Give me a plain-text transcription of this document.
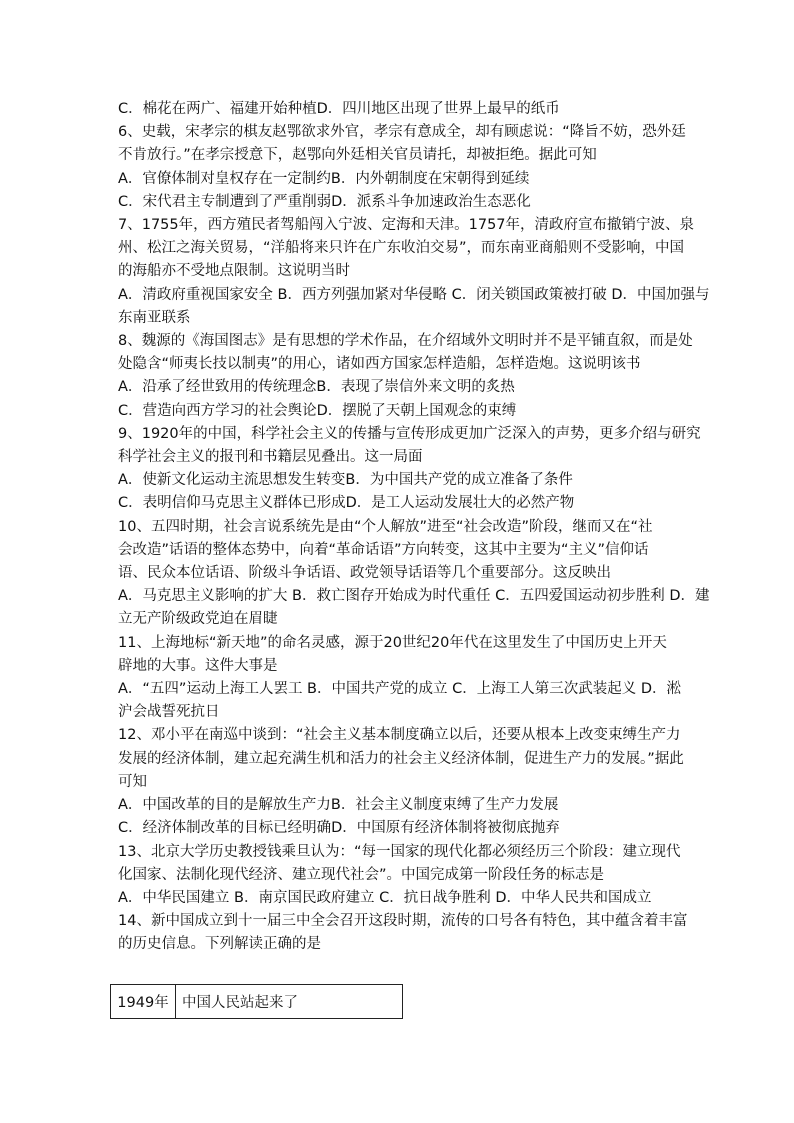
C．棉花在两广、福建开始种植D．四川地区出现了世界上最早的纸币
6、史载，宋孝宗的棋友赵鄂欲求外官，孝宗有意成全，却有顾虑说：“降旨不妨，恐外廷
不肯放行。”在孝宗授意下，赵鄂向外廷相关官员请托，却被拒绝。据此可知
A．官僚体制对皇权存在一定制约B．内外朝制度在宋朝得到延续
C．宋代君主专制遭到了严重削弱D．派系斗争加速政治生态恶化
7、1755年，西方殖民者驾船闯入宁波、定海和天津。1757年，清政府宣布撤销宁波、泉
州、松江之海关贸易，“洋船将来只许在广东收泊交易”，而东南亚商船则不受影响，中国
的海船亦不受地点限制。这说明当时
A．清政府重视国家安全 B．西方列强加紧对华侵略 C．闭关锁国政策被打破 D．中国加强与
东南亚联系
8、魏源的《海国图志》是有思想的学术作品，在介绍域外文明时并不是平铺直叙，而是处
处隐含“师夷长技以制夷”的用心，诸如西方国家怎样造船，怎样造炮。这说明该书
A．沿承了经世致用的传统理念B．表现了崇信外来文明的炙热
C．营造向西方学习的社会舆论D．摆脱了天朝上国观念的束缚
9、1920年的中国，科学社会主义的传播与宣传形成更加广泛深入的声势，更多介绍与研究
科学社会主义的报刊和书籍层见叠出。这一局面
A．使新文化运动主流思想发生转变B．为中国共产党的成立准备了条件
C．表明信仰马克思主义群体已形成D．是工人运动发展壮大的必然产物
10、五四时期，社会言说系统先是由“个人解放”进至“社会改造”阶段，继而又在“社
会改造”话语的整体态势中，向着“革命话语”方向转变，这其中主要为“主义”信仰话
语、民众本位话语、阶级斗争话语、政党领导话语等几个重要部分。这反映出
A．马克思主义影响的扩大 B．救亡图存开始成为时代重任 C．五四爱国运动初步胜利 D．建
立无产阶级政党迫在眉睫
11、上海地标“新天地”的命名灵感，源于20世纪20年代在这里发生了中国历史上开天
辟地的大事。这件大事是
A．“五四”运动上海工人罢工 B．中国共产党的成立 C．上海工人第三次武装起义 D．淞
沪会战誓死抗日
12、邓小平在南巡中谈到：“社会主义基本制度确立以后，还要从根本上改变束缚生产力
发展的经济体制，建立起充满生机和活力的社会主义经济体制，促进生产力的发展。”据此
可知
A．中国改革的目的是解放生产力B．社会主义制度束缚了生产力发展
C．经济体制改革的目标已经明确D．中国原有经济体制将被彻底抛弃
13、北京大学历史教授钱乘旦认为：“每一国家的现代化都必须经历三个阶段：建立现代
化国家、法制化现代经济、建立现代社会”。中国完成第一阶段任务的标志是
A．中华民国建立 B．南京国民政府建立 C．抗日战争胜利 D．中华人民共和国成立
14、新中国成立到十一届三中全会召开这段时期，流传的口号各有特色，其中蕴含着丰富
的历史信息。下列解读正确的是
1949年	中国人民站起来了
